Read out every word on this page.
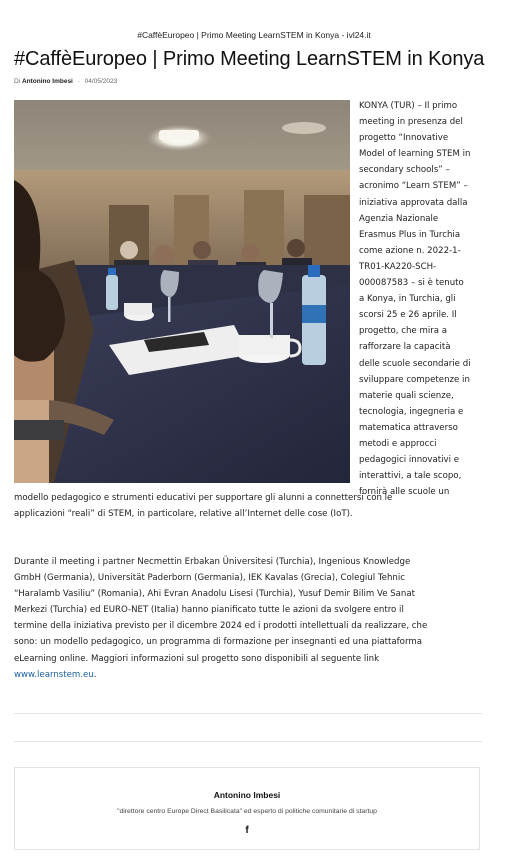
#CaffèEuropeo | Primo Meeting LearnSTEM in Konya - ivl24.it
#CaffèEuropeo | Primo Meeting LearnSTEM in Konya
Di Antonino Imbesi - 04/05/2023
KONYA (TUR) – Il primo
meeting in presenza del
progetto “Innovative
Model of learning STEM in
secondary schools” –
acronimo “Learn STEM” –
iniziativa approvata dalla
Agenzia Nazionale
Erasmus Plus in Turchia
come azione n. 2022-1-
TR01-KA220-SCH-
000087583 – si è tenuto
a Konya, in Turchia, gli
scorsi 25 e 26 aprile. Il
progetto, che mira a
rafforzare la capacità
delle scuole secondarie di
sviluppare competenze in
materie quali scienze,
tecnologia, ingegneria e
matematica attraverso
metodi e approcci
pedagogici innovativi e
interattivi, a tale scopo,
fornirà alle scuole un
modello pedagogico e strumenti educativi per supportare gli alunni a connettersi con le
applicazioni “reali” di STEM, in particolare, relative all’Internet delle cose (IoT).
Durante il meeting i partner Necmettin Erbakan Üniversitesi (Turchia), Ingenious Knowledge
GmbH (Germania), Universität Paderborn (Germania), IEK Kavalas (Grecia), Colegiul Tehnic
“Haralamb Vasiliu” (Romania), Ahi Evran Anadolu Lisesi (Turchia), Yusuf Demir Bilim Ve Sanat
Merkezi (Turchia) ed EURO-NET (Italia) hanno pianificato tutte le azioni da svolgere entro il
termine della iniziativa previsto per il dicembre 2024 ed i prodotti intellettuali da realizzare, che
sono: un modello pedagogico, un programma di formazione per insegnanti ed una piattaforma
eLearning online. Maggiori informazioni sul progetto sono disponibili al seguente link
www.learnstem.eu.
Antonino Imbesi
"direttore centro Europe Direct Basilicata" ed esperto di politiche comunitarie di startup
f
